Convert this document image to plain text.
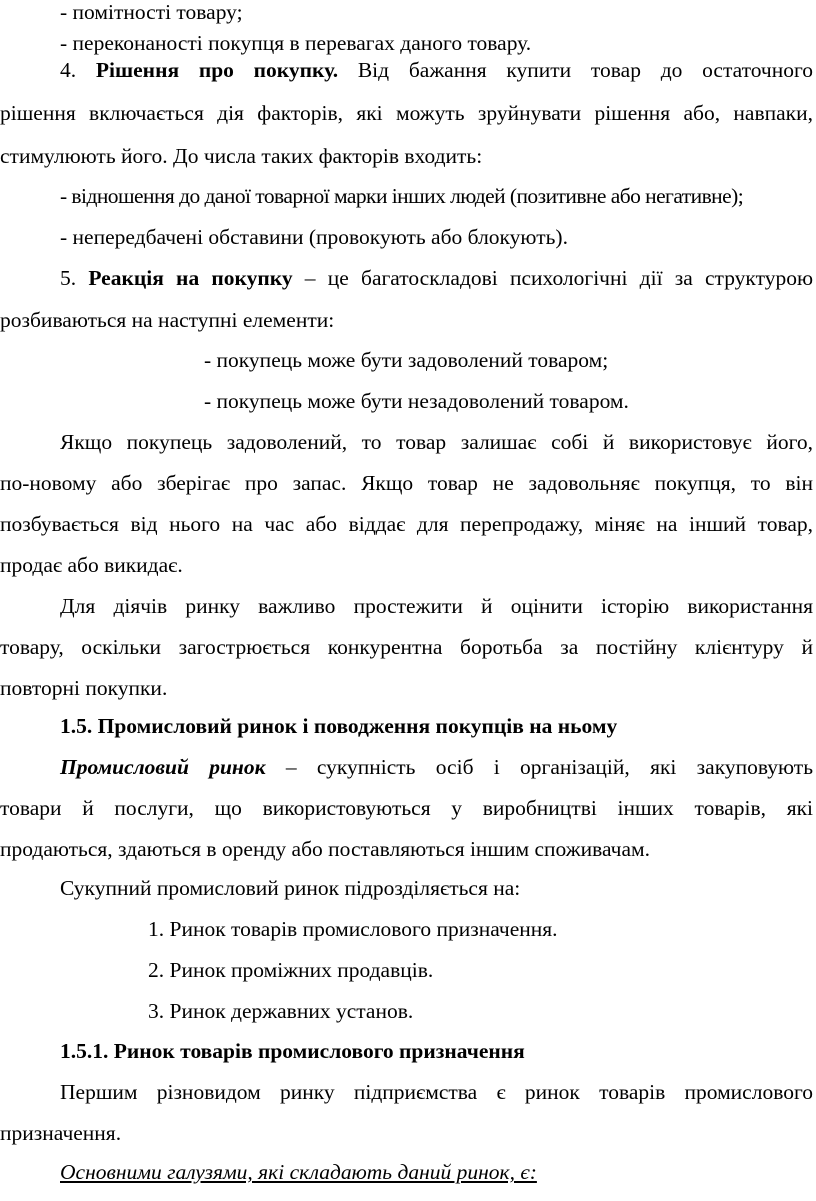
- помітності товару;
- переконаності покупця в перевагах даного товару.
4. Рішення про покупку. Від бажання купити товар до остаточного
рішення включається дія факторів, які можуть зруйнувати рішення або, навпаки,
стимулюють його. До числа таких факторів входить:
- відношення до даної товарної марки інших людей (позитивне або негативне);
- непередбачені обставини (провокують або блокують).
5. Реакція на покупку – це багатоскладові психологічні дії за структурою
розбиваються на наступні елементи:
- покупець може бути задоволений товаром;
- покупець може бути незадоволений товаром.
Якщо покупець задоволений, то товар залишає собі й використовує його,
по-новому або зберігає про запас. Якщо товар не задовольняє покупця, то він
позбувається від нього на час або віддає для перепродажу, міняє на інший товар,
продає або викидає.
Для діячів ринку важливо простежити й оцінити історію використання
товару, оскільки загострюється конкурентна боротьба за постійну клієнтуру й
повторні покупки.
1.5. Промисловий ринок і поводження покупців на ньому
Промисловий ринок – сукупність осіб і організацій, які закуповують
товари й послуги, що використовуються у виробництві інших товарів, які
продаються, здаються в оренду або поставляються іншим споживачам.
Сукупний промисловий ринок підрозділяється на:
1. Ринок товарів промислового призначення.
2. Ринок проміжних продавців.
3. Ринок державних установ.
1.5.1. Ринок товарів промислового призначення
Першим різновидом ринку підприємства є ринок товарів промислового
призначення.
Основними галузями, які складають даний ринок, є:
